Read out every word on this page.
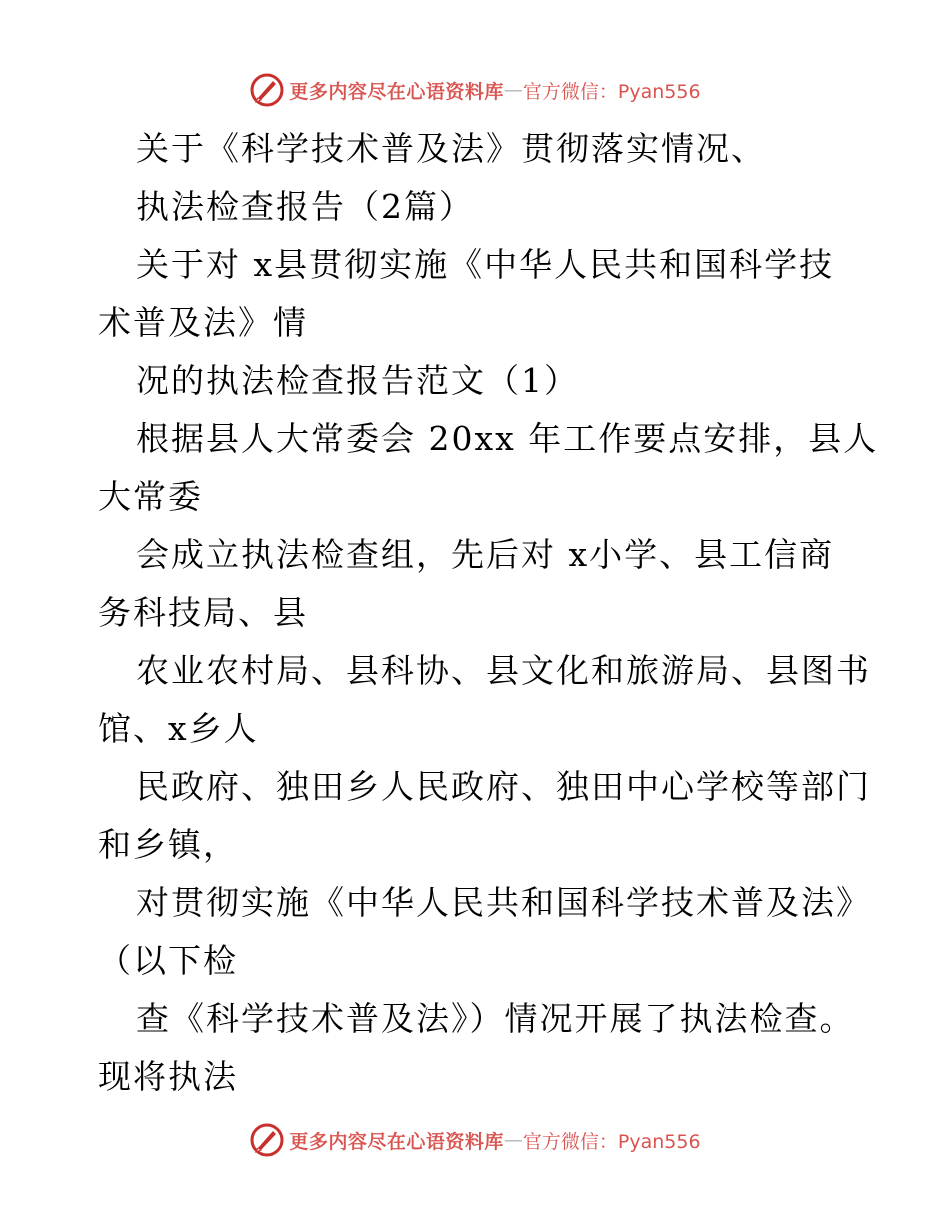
更多内容尽在心语资料库 — 官方微信：Pyan556
关于《科学技术普及法》贯彻落实情况、
执法检查报告（2篇）
关于对 x县贯彻实施《中华人民共和国科学技
术普及法》情
况的执法检查报告范文（1）
根据县人大常委会 20xx 年工作要点安排，县人
大常委
会成立执法检查组，先后对 x小学、县工信商
务科技局、县
农业农村局、县科协、县文化和旅游局、县图书
馆、x乡人
民政府、独田乡人民政府、独田中心学校等部门
和乡镇，
对贯彻实施《中华人民共和国科学技术普及法》
（以下检
查《科学技术普及法》）情况开展了执法检查。
现将执法
更多内容尽在心语资料库 — 官方微信：Pyan556
